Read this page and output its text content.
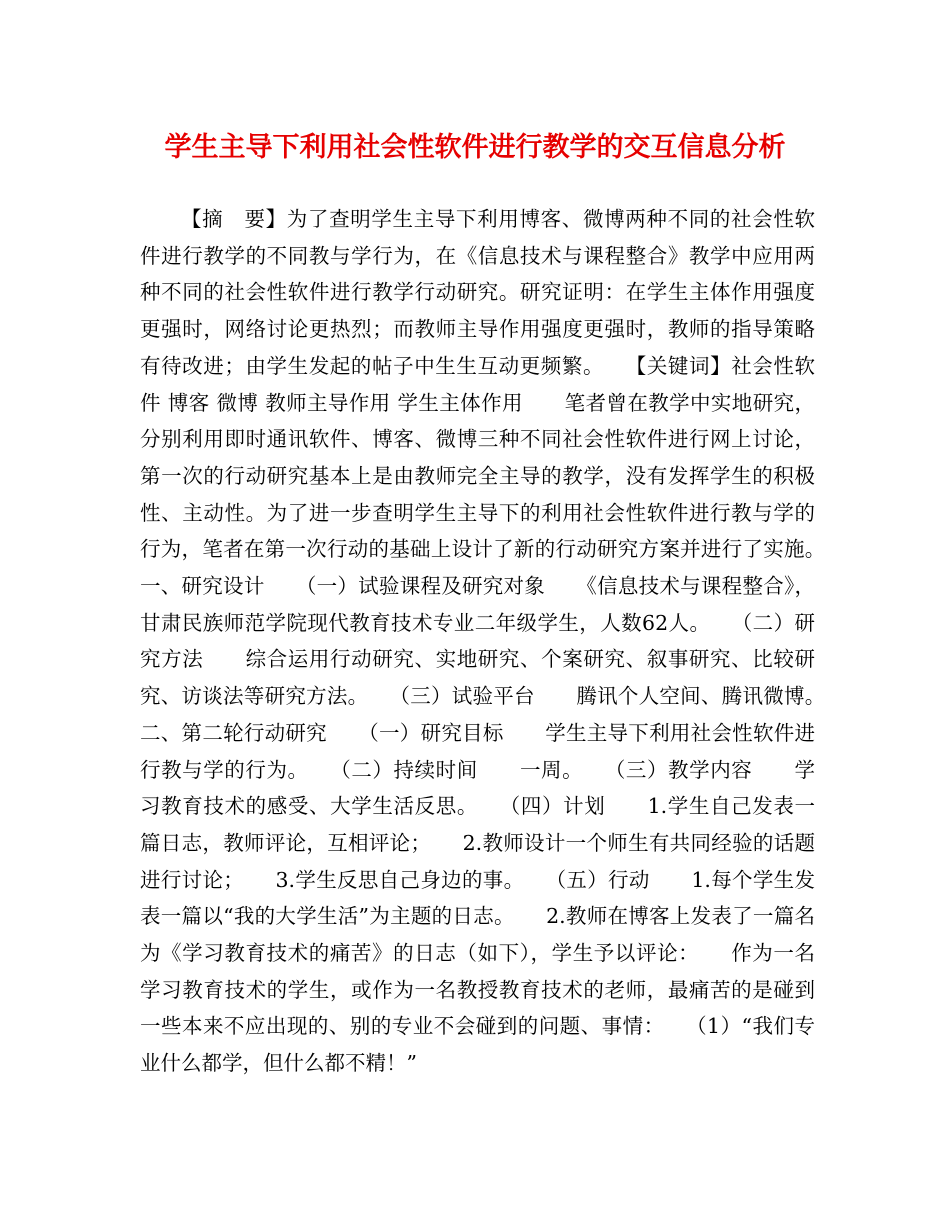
学生主导下利用社会性软件进行教学的交互信息分析

【摘　要】为了查明学生主导下利用博客、微博两种不同的社会性软件进行教学的不同教与学行为，在《信息技术与课程整合》教学中应用两种不同的社会性软件进行教学行动研究。研究证明：在学生主体作用强度更强时，网络讨论更热烈；而教师主导作用强度更强时，教师的指导策略有待改进；由学生发起的帖子中生生互动更频繁。　　【关键词】社会性软件 博客 微博 教师主导作用 学生主体作用　　笔者曾在教学中实地研究，分别利用即时通讯软件、博客、微博三种不同社会性软件进行网上讨论，第一次的行动研究基本上是由教师完全主导的教学，没有发挥学生的积极性、主动性。为了进一步查明学生主导下的利用社会性软件进行教与学的行为，笔者在第一次行动的基础上设计了新的行动研究方案并进行了实施。　　一、研究设计　　（一）试验课程及研究对象　　《信息技术与课程整合》，甘肃民族师范学院现代教育技术专业二年级学生，人数62人。　　（二）研究方法　　综合运用行动研究、实地研究、个案研究、叙事研究、比较研究、访谈法等研究方法。　　（三）试验平台　　腾讯个人空间、腾讯微博。　　二、第二轮行动研究　　（一）研究目标　　学生主导下利用社会性软件进行教与学的行为。　　（二）持续时间　　一周。　　（三）教学内容　　学习教育技术的感受、大学生活反思。　　（四）计划　　1.学生自己发表一篇日志，教师评论，互相评论；　　2.教师设计一个师生有共同经验的话题进行讨论；　　3.学生反思自己身边的事。　　（五）行动　　1.每个学生发表一篇以“我的大学生活”为主题的日志。　　2.教师在博客上发表了一篇名为《学习教育技术的痛苦》的日志（如下），学生予以评论：　　作为一名学习教育技术的学生，或作为一名教授教育技术的老师，最痛苦的是碰到一些本来不应出现的、别的专业不会碰到的问题、事情：　　（1）“我们专业什么都学，但什么都不精！”
